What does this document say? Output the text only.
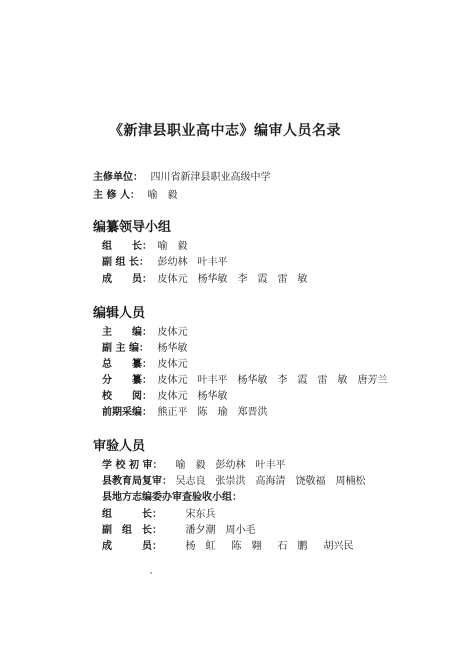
《新津县职业高中志》编审人员名录
主修单位： 四川省新津县职业高级中学
主 修 人： 喻　毅
编纂领导小组
组　　长： 喻　毅
副 组 长： 彭幼林 叶丰平
成　　员： 皮体元 杨华敏 李　霞 雷　敏
编辑人员
主　　编： 皮体元
副 主 编： 杨华敏
总　　纂： 皮体元
分　　纂： 皮体元 叶丰平 杨华敏 李　霞 雷　敏 唐芳兰
校　　阅： 皮体元 杨华敏
前期采编： 熊正平 陈　瑜 郑晋洪
审验人员
学 校 初 审： 喻　毅 彭幼林 叶丰平
县教育局复审： 吴志良 张崇洪 高海清 饶敬福 周楠松
县地方志编委办审查验收小组：
组　　　长： 宋东兵
副　组　长： 潘夕潮 周小毛
成　　　员： 杨　虹 陈　翱 石　鹏 胡兴民
